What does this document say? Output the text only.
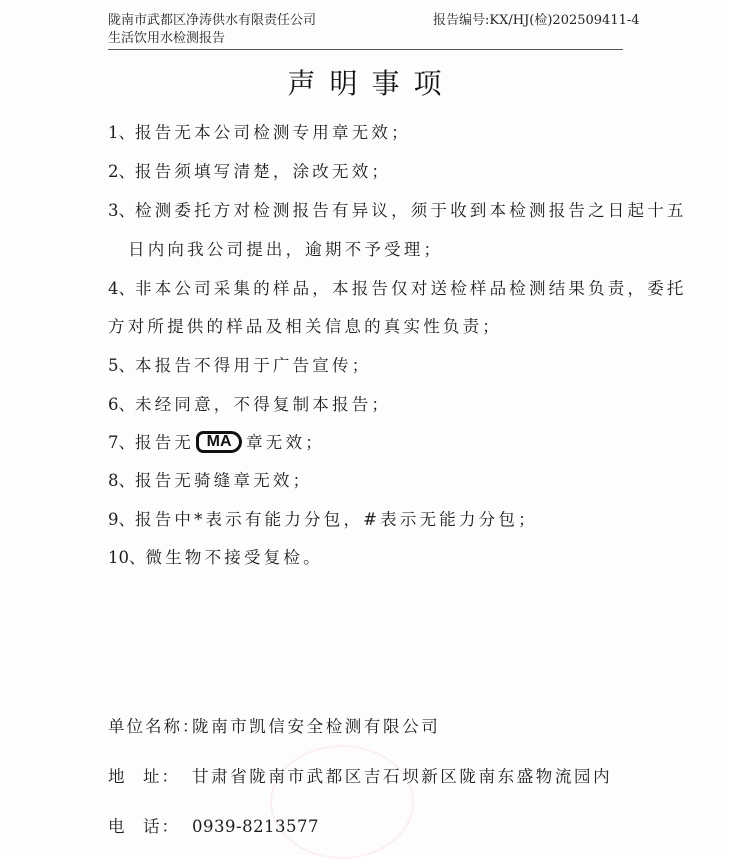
陇南市武都区净涛供水有限责任公司
生活饮用水检测报告
报告编号:KX/HJ(检)202509411-4
声明事项
1、报告无本公司检测专用章无效；
2、报告须填写清楚，涂改无效；
3、检测委托方对检测报告有异议，须于收到本检测报告之日起十五
日内向我公司提出，逾期不予受理；
4、非本公司采集的样品，本报告仅对送检样品检测结果负责，委托
方对所提供的样品及相关信息的真实性负责；
5、本报告不得用于广告宣传；
6、未经同意，不得复制本报告；
7、报告无 MA 章无效；
8、报告无骑缝章无效；
9、报告中*表示有能力分包，#表示无能力分包；
10、微生物不接受复检。
单位名称：陇南市凯信安全检测有限公司
地 址： 甘肃省陇南市武都区吉石坝新区陇南东盛物流园内
电 话： 0939-8213577
